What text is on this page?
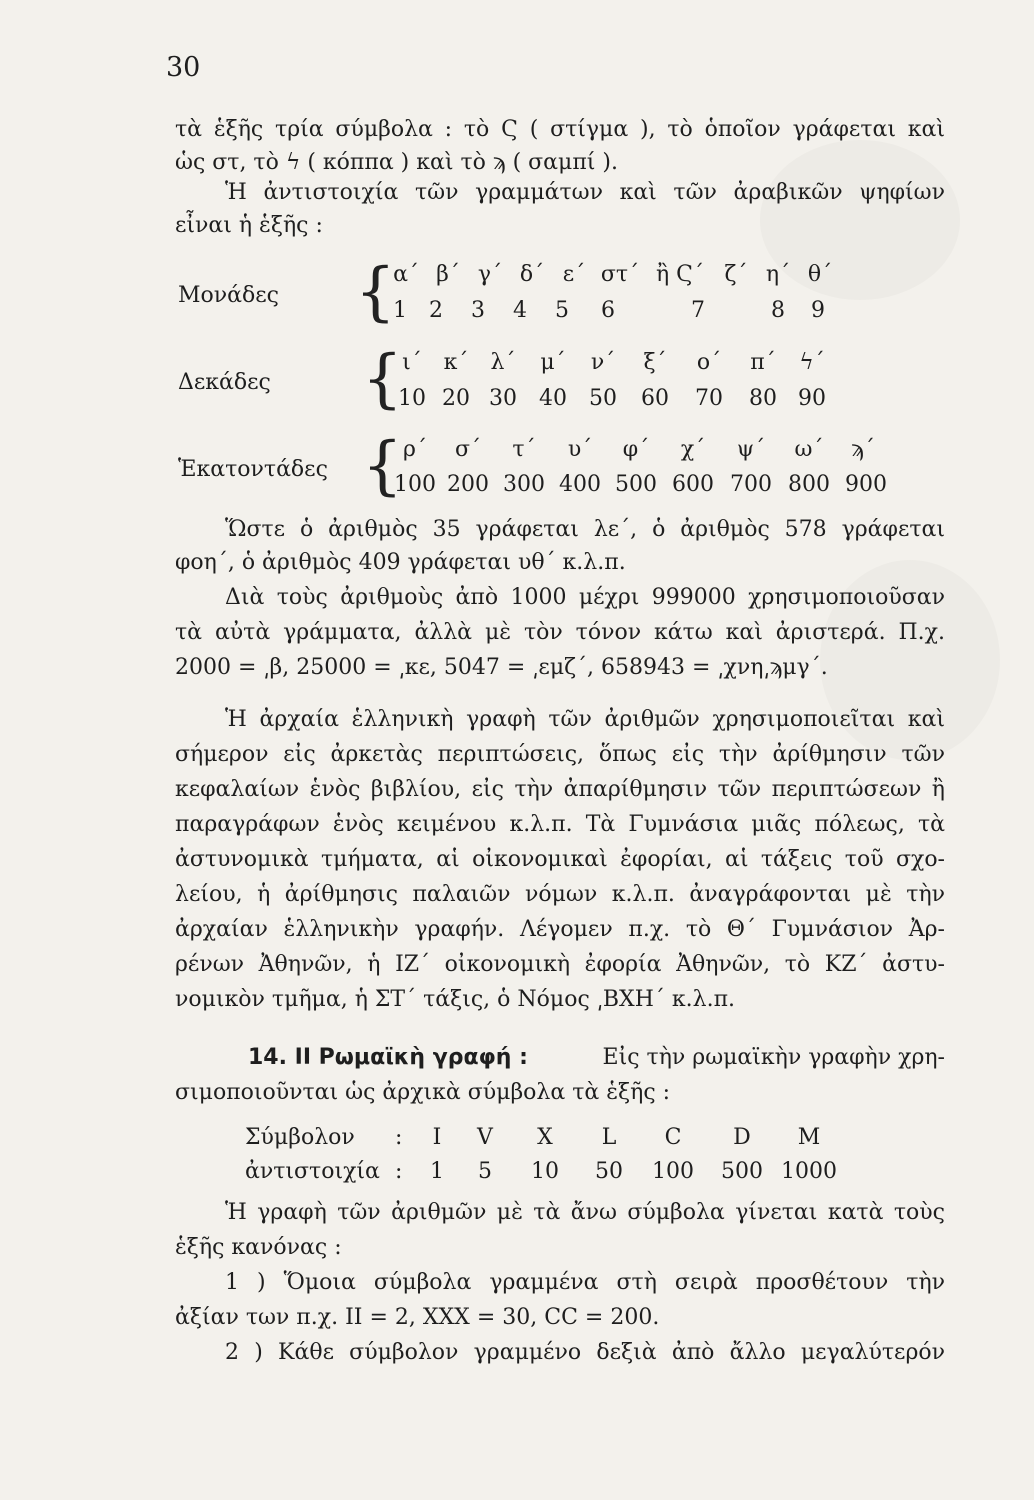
30
τὰ ἑξῆς τρία σύμβολα : τὸ Ϛ ( στίγμα ), τὸ ὁποῖον γράφεται καὶ
ὡς στ, τὸ ϟ ( κόππα ) καὶ τὸ ϡ ( σαμπί ).
Ἡ ἀντιστοιχία τῶν γραμμάτων καὶ τῶν ἀραβικῶν ψηφίων
εἶναι ἡ ἑξῆς :
Μονάδες {
α΄ β΄ γ΄ δ΄ ε΄ στ΄ ἢ Ϛ΄ ζ΄ η΄ θ΄
1	2	3	4	5	6	7	8	9
Δεκάδες { ι΄ κ΄	λ΄	μ΄	ν΄	ξ΄	ο΄	π΄	ϟ΄
10 20 30	40	50	60	70	80 90
Ἑκατοντάδες { ρ΄	σ΄	τ΄	υ΄	φ΄	χ΄	ψ΄	ω΄	ϡ΄
100 200 300 400 500 600 700 800 900
Ὥστε ὁ ἀριθμὸς 35 γράφεται λε΄, ὁ ἀριθμὸς 578 γράφεται
φοη΄, ὁ ἀριθμὸς 409 γράφεται υθ΄ κ.λ.π.
Διὰ τοὺς ἀριθμοὺς ἀπὸ 1000 μέχρι 999000 χρησιμοποιοῦσαν
τὰ αὐτὰ γράμματα, ἀλλὰ μὲ τὸν τόνον κάτω καὶ ἀριστερά. Π.χ.
2000 = ͵β, 25000 = ͵κε, 5047 = ͵εμζ΄, 658943 = ͵χνη͵ϡμγ΄.
Ἡ ἀρχαία ἑλληνικὴ γραφὴ τῶν ἀριθμῶν χρησιμοποιεῖται καὶ
σήμερον εἰς ἀρκετὰς περιπτώσεις, ὅπως εἰς τὴν ἀρίθμησιν τῶν
κεφαλαίων ἑνὸς βιβλίου, εἰς τὴν ἀπαρίθμησιν τῶν περιπτώσεων ἢ
παραγράφων ἑνὸς κειμένου κ.λ.π. Τὰ Γυμνάσια μιᾶς πόλεως, τὰ
ἀστυνομικὰ τμήματα, αἱ οἰκονομικαὶ ἐφορίαι, αἱ τάξεις τοῦ σχο-
λείου, ἡ ἀρίθμησις παλαιῶν νόμων κ.λ.π. ἀναγράφονται μὲ τὴν
ἀρχαίαν ἑλληνικὴν γραφήν. Λέγομεν π.χ. τὸ Θ΄ Γυμνάσιον Ἀρ-
ρένων Ἀθηνῶν, ἡ ΙΖ΄ οἰκονομικὴ ἐφορία Ἀθηνῶν, τὸ ΚΖ΄ ἀστυ-
νομικὸν τμῆμα, ἡ ΣΤ΄ τάξις, ὁ Νόμος ͵ΒΧΗ΄ κ.λ.π.
14. ΙΙ Ρωμαϊκὴ γραφή :	Εἰς τὴν ρωμαϊκὴν γραφὴν χρη-
σιμοποιοῦνται ὡς ἀρχικὰ σύμβολα τὰ ἑξῆς :
Σύμβολον	:	I	V	X	L	C	D	M
ἀντιστοιχία :	1	5	10	50	100	500 1000
Ἡ γραφὴ τῶν ἀριθμῶν μὲ τὰ ἄνω σύμβολα γίνεται κατὰ τοὺς
ἑξῆς κανόνας :
1 ) Ὅμοια σύμβολα γραμμένα στὴ σειρὰ προσθέτουν τὴν
ἀξίαν των π.χ. II = 2, XXX = 30, CC = 200.
2 ) Κάθε σύμβολον γραμμένο δεξιὰ ἀπὸ ἄλλο μεγαλύτερόν
